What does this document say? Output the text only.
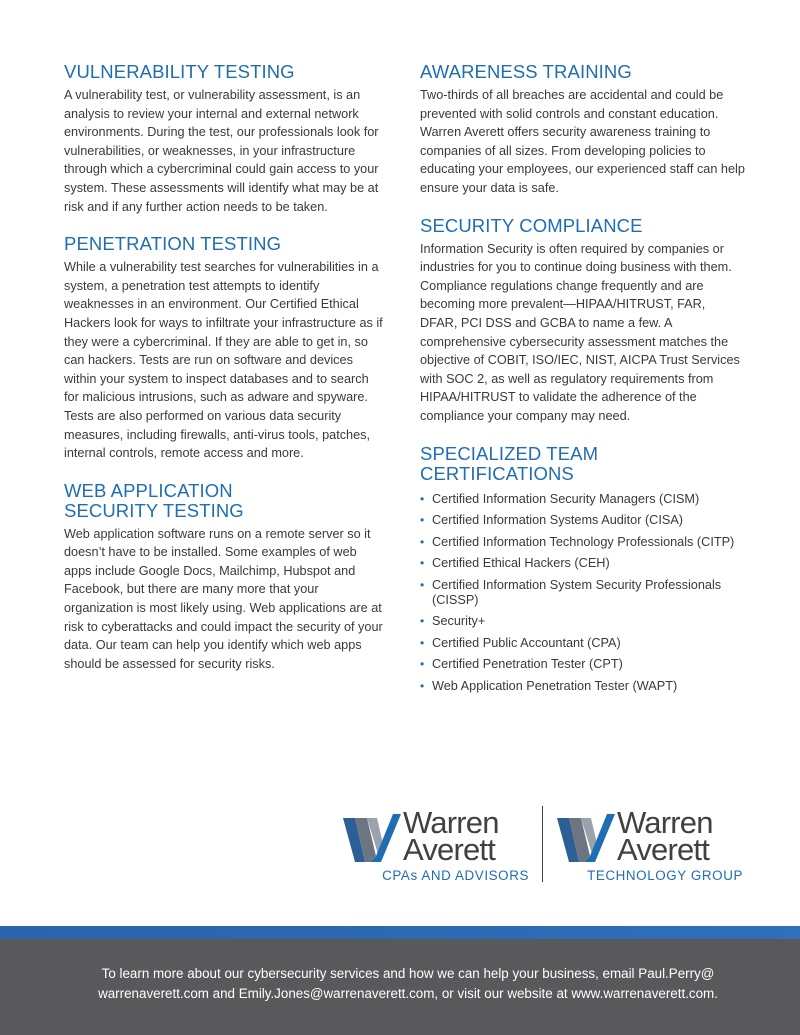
VULNERABILITY TESTING

A vulnerability test, or vulnerability assessment, is an analysis to review your internal and external network environments. During the test, our professionals look for vulnerabilities, or weaknesses, in your infrastructure through which a cybercriminal could gain access to your system. These assessments will identify what may be at risk and if any further action needs to be taken.

PENETRATION TESTING

While a vulnerability test searches for vulnerabilities in a system, a penetration test attempts to identify weaknesses in an environment. Our Certified Ethical Hackers look for ways to infiltrate your infrastructure as if they were a cybercriminal. If they are able to get in, so can hackers. Tests are run on software and devices within your system to inspect databases and to search for malicious intrusions, such as adware and spyware. Tests are also performed on various data security measures, including firewalls, anti-virus tools, patches, internal controls, remote access and more.

WEB APPLICATION
SECURITY TESTING

Web application software runs on a remote server so it doesn’t have to be installed. Some examples of web apps include Google Docs, Mailchimp, Hubspot and Facebook, but there are many more that your organization is most likely using. Web applications are at risk to cyberattacks and could impact the security of your data. Our team can help you identify which web apps should be assessed for security risks.

AWARENESS TRAINING

Two-thirds of all breaches are accidental and could be prevented with solid controls and constant education. Warren Averett offers security awareness training to companies of all sizes. From developing policies to educating your employees, our experienced staff can help ensure your data is safe.

SECURITY COMPLIANCE

Information Security is often required by companies or industries for you to continue doing business with them. Compliance regulations change frequently and are becoming more prevalent—HIPAA/HITRUST, FAR, DFAR, PCI DSS and GCBA to name a few. A comprehensive cybersecurity assessment matches the objective of COBIT, ISO/IEC, NIST, AICPA Trust Services with SOC 2, as well as regulatory requirements from HIPAA/HITRUST to validate the adherence of the compliance your company may need.

SPECIALIZED TEAM CERTIFICATIONS
• Certified Information Security Managers (CISM)
• Certified Information Systems Auditor (CISA)
• Certified Information Technology Professionals (CITP)
• Certified Ethical Hackers (CEH)
• Certified Information System Security Professionals (CISSP)
• Security+
• Certified Public Accountant (CPA)
• Certified Penetration Tester (CPT)
• Web Application Penetration Tester (WAPT)
Warren
Averett
CPAs AND ADVISORS
Warren
Averett
TECHNOLOGY GROUP
To learn more about our cybersecurity services and how we can help your business, email Paul.Perry@
warrenaverett.com and Emily.Jones@warrenaverett.com, or visit our website at www.warrenaverett.com.
